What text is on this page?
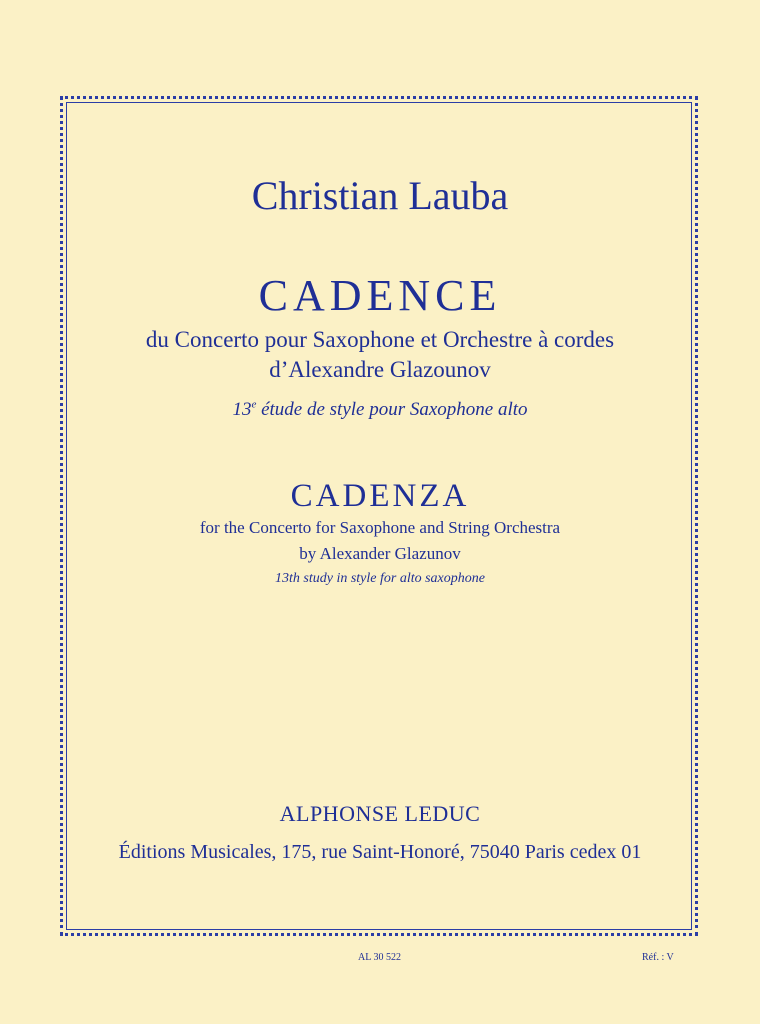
Christian Lauba
CADENCE
du Concerto pour Saxophone et Orchestre à cordes
d’Alexandre Glazounov
13e étude de style pour Saxophone alto
CADENZA
for the Concerto for Saxophone and String Orchestra
by Alexander Glazunov
13th study in style for alto saxophone
ALPHONSE LEDUC
Éditions Musicales, 175, rue Saint-Honoré, 75040 Paris cedex 01
AL 30 522	Réf. : V
